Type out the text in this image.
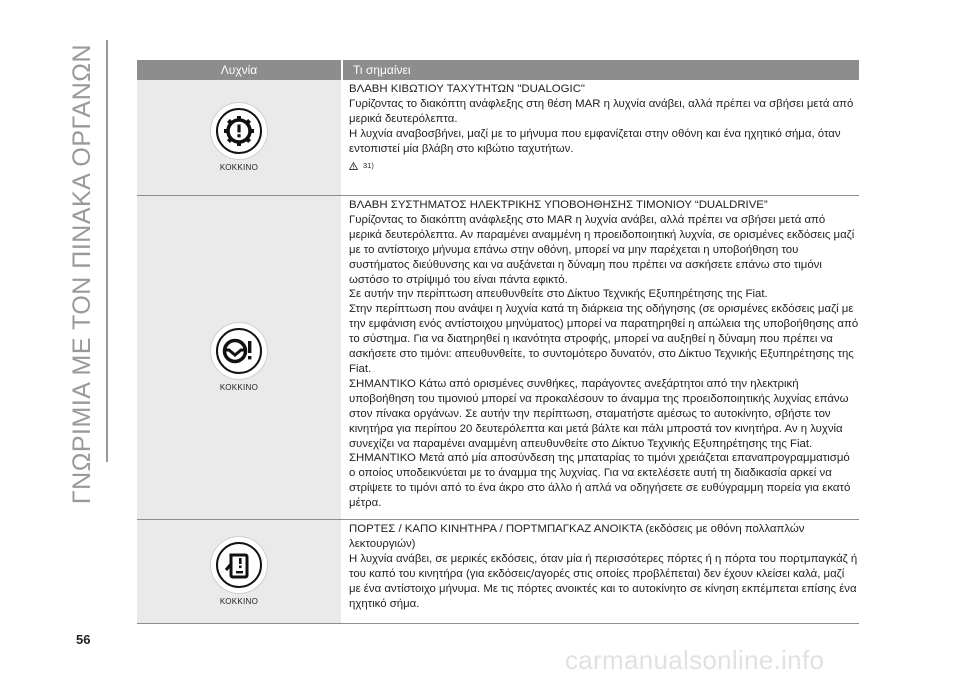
ΓΝΩΡΙΜΙΑ ΜΕ ΤΟΝ ΠΙΝΑΚΑ ΟΡΓΑΝΩΝ	Λυχνία	Τι σημαίνει
ΚΟΚΚΙΝΟ

ΒΛΑΒΗ ΚΙΒΩΤΙΟΥ ΤΑΧΥΤΗΤΩΝ "DUALOGIC"

Γυρίζοντας το διακόπτη ανάφλεξης στη θέση MAR η λυχνία ανάβει, αλλά πρέπει να σβήσει μετά από μερικά δευτερόλεπτα.

Η λυχνία αναβοσβήνει, μαζί με το μήνυμα που εμφανίζεται στην οθόνη και ένα ηχητικό σήμα, όταν εντοπιστεί μία βλάβη στο κιβώτιο ταχυτήτων.

31)
ΚΟΚΚΙΝΟ

ΒΛΑΒΗ ΣΥΣΤΗΜΑΤΟΣ ΗΛΕΚΤΡΙΚΗΣ ΥΠΟΒΟΗΘΗΣΗΣ ΤΙΜΟΝΙΟΥ “DUALDRIVE”

Γυρίζοντας το διακόπτη ανάφλεξης στο MAR η λυχνία ανάβει, αλλά πρέπει να σβήσει μετά από μερικά δευτερόλεπτα. Αν παραμένει αναμμένη η προειδοποιητική λυχνία, σε ορισμένες εκδόσεις μαζί με το αντίστοιχο μήνυμα επάνω στην οθόνη, μπορεί να μην παρέχεται η υποβοήθηση του συστήματος διεύθυνσης και να αυξάνεται η δύναμη που πρέπει να ασκήσετε επάνω στο τιμόνι ωστόσο το στρίψιμό του είναι πάντα εφικτό.

Σε αυτήν την περίπτωση απευθυνθείτε στο Δίκτυο Τεχνικής Εξυπηρέτησης της Fiat.

Στην περίπτωση που ανάψει η λυχνία κατά τη διάρκεια της οδήγησης (σε ορισμένες εκδόσεις μαζί με την εμφάνιση ενός αντίστοιχου μηνύματος) μπορεί να παρατηρηθεί η απώλεια της υποβοήθησης από το σύστημα. Για να διατηρηθεί η ικανότητα στροφής, μπορεί να αυξηθεί η δύναμη που πρέπει να ασκήσετε στο τιμόνι: απευθυνθείτε, το συντομότερο δυνατόν, στο Δίκτυο Τεχνικής Εξυπηρέτησης της Fiat.

ΣΗΜΑΝΤΙΚΟ Κάτω από ορισμένες συνθήκες, παράγοντες ανεξάρτητοι από την ηλεκτρική υποβοήθηση του τιμονιού μπορεί να προκαλέσουν το άναμμα της προειδοποιητικής λυχνίας επάνω στον πίνακα οργάνων. Σε αυτήν την περίπτωση, σταματήστε αμέσως το αυτοκίνητο, σβήστε τον κινητήρα για περίπου 20 δευτερόλεπτα και μετά βάλτε και πάλι μπροστά τον κινητήρα. Αν η λυχνία συνεχίζει να παραμένει αναμμένη απευθυνθείτε στο Δίκτυο Τεχνικής Εξυπηρέτησης της Fiat.

ΣΗΜΑΝΤΙΚΟ Μετά από μία αποσύνδεση της μπαταρίας το τιμόνι χρειάζεται επαναπρογραμματισμό ο οποίος υποδεικνύεται με το άναμμα της λυχνίας. Για να εκτελέσετε αυτή τη διαδικασία αρκεί να στρίψετε το τιμόνι από το ένα άκρο στο άλλο ή απλά να οδηγήσετε σε ευθύγραμμη πορεία για εκατό μέτρα.

ΚΟΚΚΙΝΟ

ΠΟΡΤΕΣ / ΚΑΠΟ ΚΙΝΗΤΗΡΑ / ΠΟΡΤΜΠΑΓΚΑΖ ΑΝΟΙΚΤΑ (εκδόσεις με οθόνη πολλαπλών λεκτουργιών)

Η λυχνία ανάβει, σε μερικές εκδόσεις, όταν μία ή περισσότερες πόρτες ή η πόρτα του πορτμπαγκάζ ή του καπό του κινητήρα (για εκδόσεις/αγορές στις οποίες προβλέπεται) δεν έχουν κλείσει καλά, μαζί με ένα αντίστοιχο μήνυμα. Με τις πόρτες ανοικτές και το αυτοκίνητο σε κίνηση εκπέμπεται επίσης ένα ηχητικό σήμα.

56
carmanualsonline.info
